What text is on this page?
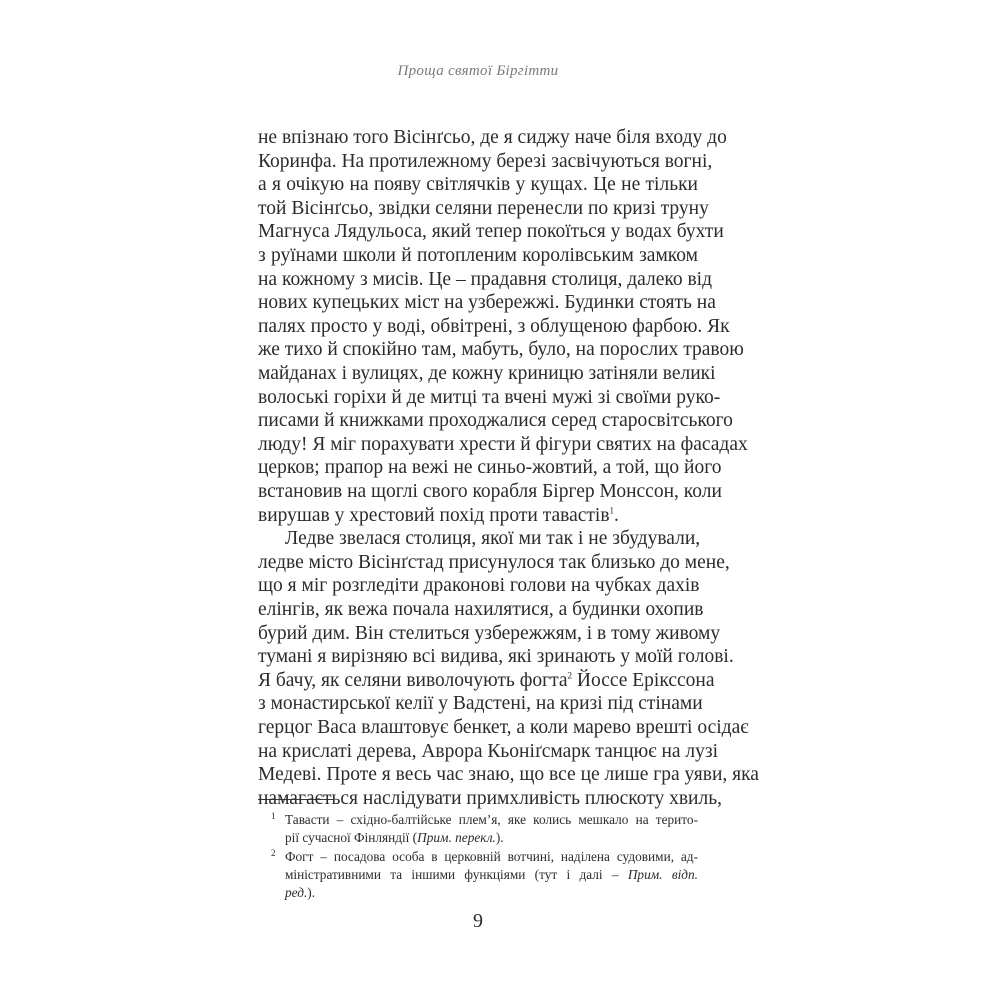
Проща святої Біргітти
не впізнаю того Вісінґсьо, де я сиджу наче біля входу до
Коринфа. На протилежному березі засвічуються вогні,
а я очікую на появу світлячків у кущах. Це не тільки
той Вісінґсьо, звідки селяни перенесли по кризі труну
Магнуса Лядульоса, який тепер покоїться у водах бухти
з руїнами школи й потопленим королівським замком
на кожному з мисів. Це – прадавня столиця, далеко від
нових купецьких міст на узбережжі. Будинки стоять на
палях просто у воді, обвітрені, з облущеною фарбою. Як
же тихо й спокійно там, мабуть, було, на порослих травою
майданах і вулицях, де кожну криницю затіняли великі
волоські горіхи й де митці та вчені мужі зі своїми руко-
писами й книжками проходжалися серед старосвітського
люду! Я міг порахувати хрести й фігури святих на фасадах
церков; прапор на вежі не синьо-жовтий, а той, що його
встановив на щоглі свого корабля Біргер Монссон, коли
вирушав у хрестовий похід проти тавастів$^1$.
Ледве звелася столиця, якої ми так і не збудували,
ледве місто Вісінґстад присунулося так близько до мене,
що я міг розгледіти драконові голови на чубках дахів
елінгів, як вежа почала нахилятися, а будинки охопив
бурий дим. Він стелиться узбережжям, і в тому живому
тумані я вирізняю всі видива, які зринають у моїй голові.
Я бачу, як селяни виволочують фогта$^2$ Йоссе Ерікссона
з монастирської келії у Вадстені, на кризі під стінами
герцог Васа влаштовує бенкет, а коли марево врешті осідає
на крислаті дерева, Аврора Кьоніґсмарк танцює на лузі
Медеві. Проте я весь час знаю, що все це лише гра уяви, яка
1 Таваcти – східно-балтійське плем’я, яке колись мешкало на терито-
рії сучасної Фінляндії (Прим. перекл.).
2 Фогт – посадова особа в церковній вотчині, наділена судовими, ад-
міністративними та іншими функціями (тут і далі – Прим. відп.
ред.).
9
намагається наслідувати примхливість плюскоту хвиль,
